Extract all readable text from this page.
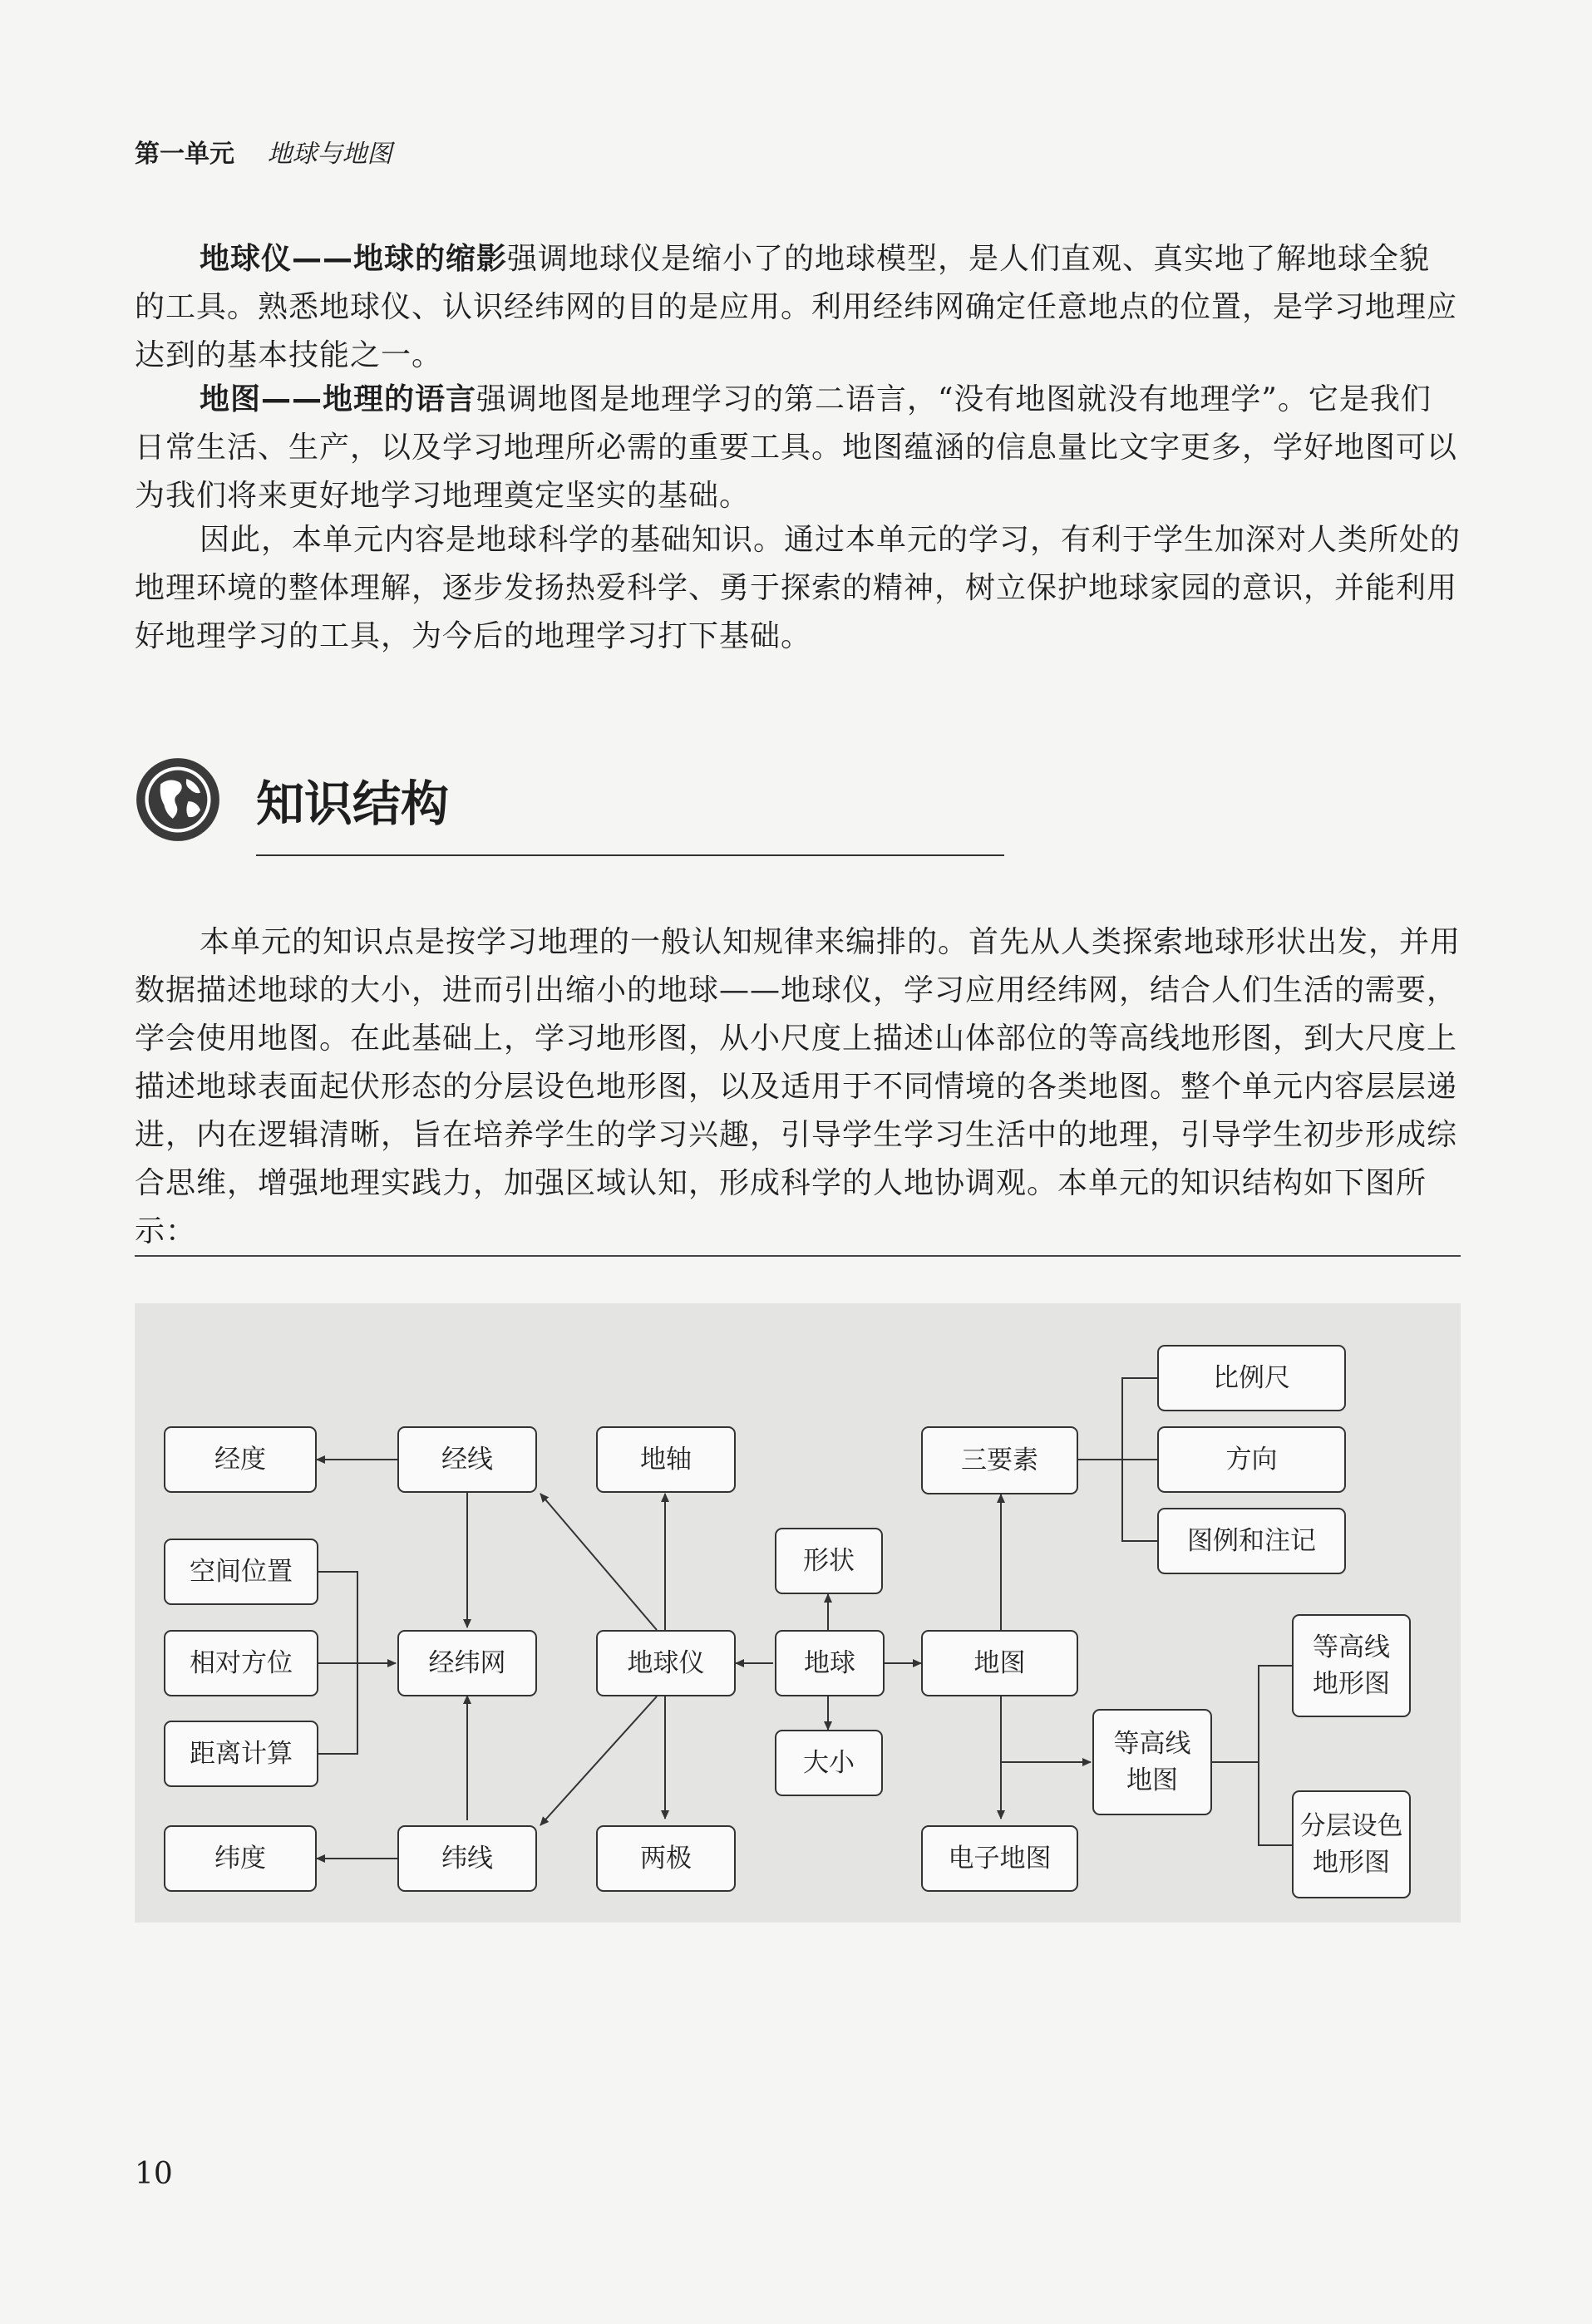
第一单元 地球与地图

地球仪——地球的缩影强调地球仪是缩小了的地球模型，是人们直观、真实地了解地球全貌的工具。熟悉地球仪、认识经纬网的目的是应用。利用经纬网确定任意地点的位置，是学习地理应达到的基本技能之一。

地图——地理的语言强调地图是地理学习的第二语言，“没有地图就没有地理学”。它是我们日常生活、生产，以及学习地理所必需的重要工具。地图蕴涵的信息量比文字更多，学好地图可以为我们将来更好地学习地理奠定坚实的基础。

因此，本单元内容是地球科学的基础知识。通过本单元的学习，有利于学生加深对人类所处的地理环境的整体理解，逐步发扬热爱科学、勇于探索的精神，树立保护地球家园的意识，并能利用好地理学习的工具，为今后的地理学习打下基础。

知识结构

本单元的知识点是按学习地理的一般认知规律来编排的。首先从人类探索地球形状出发，并用数据描述地球的大小，进而引出缩小的地球——地球仪，学习应用经纬网，结合人们生活的需要，学会使用地图。在此基础上，学习地形图，从小尺度上描述山体部位的等高线地形图，到大尺度上描述地球表面起伏形态的分层设色地形图，以及适用于不同情境的各类地图。整个单元内容层层递进，内在逻辑清晰，旨在培养学生的学习兴趣，引导学生学习生活中的地理，引导学生初步形成综合思维，增强地理实践力，加强区域认知，形成科学的人地协调观。本单元的知识结构如下图所示：

经度	经线	地轴	三要素
比例尺
方向
图例和注记
空间位置
相对方位
距离计算
经纬网	地球仪
形状
地球
大小
地图
等高线
地图
等高线
地形图
分层设色
地形图
纬度	纬线	两极	电子地图
10
